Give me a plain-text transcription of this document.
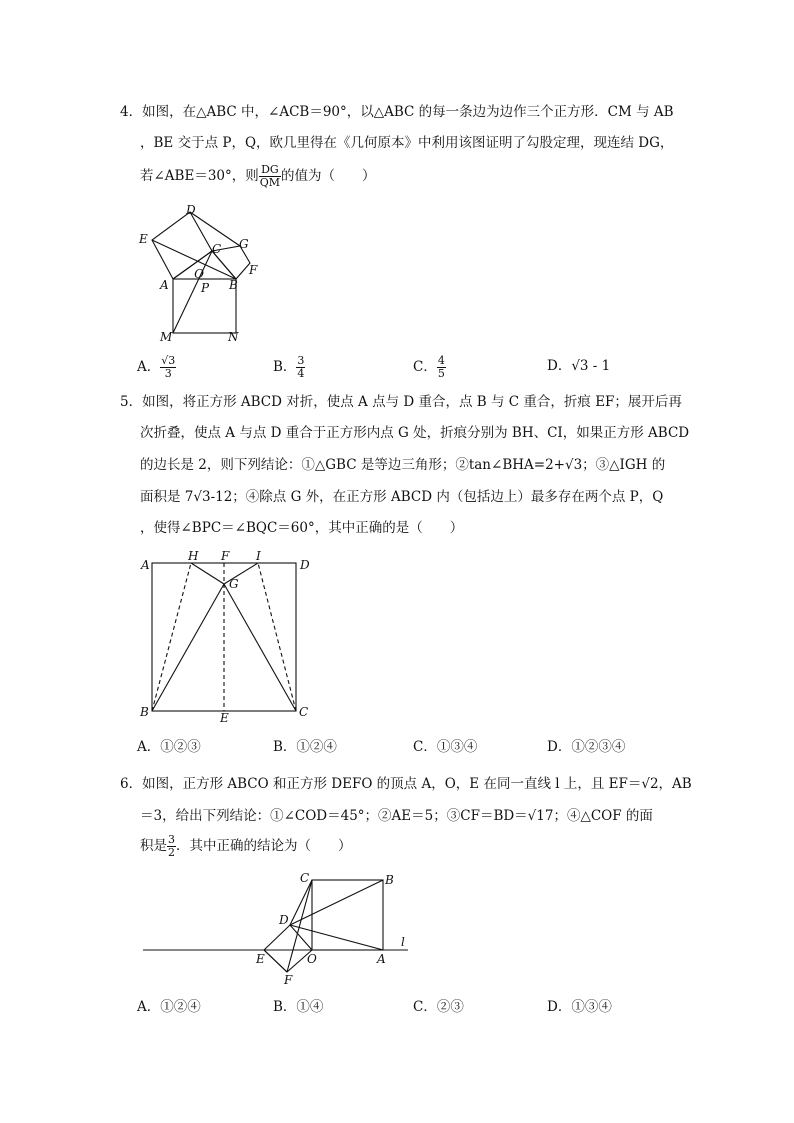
4．如图，在△ABC 中，∠ACB＝90°，以△ABC 的每一条边为边作三个正方形．CM 与 AB
，BE 交于点 P，Q，欧几里得在《几何原本》中利用该图证明了勾股定理，现连结 DG，
若∠ABE＝30°，则 $\frac{DG}{QM}$ 的值为（　　）
D
E
C G
F
Q
A	P B
M	N
A． $\frac{√3}{3}$	B． $\frac{3}{4}$	C． $\frac{4}{5}$	D．√3 - 1
5．如图，将正方形 ABCD 对折，使点 A 点与 D 重合，点 B 与 C 重合，折痕 EF；展开后再
次折叠，使点 A 与点 D 重合于正方形内点 G 处，折痕分别为 BH、CI，如果正方形 ABCD
的边长是 2，则下列结论：①△GBC 是等边三角形；②tan∠BHA=2+√3；③△IGH 的
面积是 7√3-12；④除点 G 外，在正方形 ABCD 内（包括边上）最多存在两个点 P，Q
，使得∠BPC＝∠BQC＝60°，其中正确的是（　　）
A
H F I
D
G
B	E	C
A．①②③	B．①②④	C．①③④	D．①②③④
6．如图，正方形 ABCO 和正方形 DEFO 的顶点 A，O，E 在同一直线 l 上，且 EF＝√2，AB
＝3，给出下列结论：①∠COD＝45°；②AE＝5；③CF＝BD＝√17；④△COF 的面
积是 $\frac{3}{2}$ ．其中正确的结论为（　　）
C	B
D
l
E	O	A
F
A．①②④	B．①④	C．②③	D．①③④
